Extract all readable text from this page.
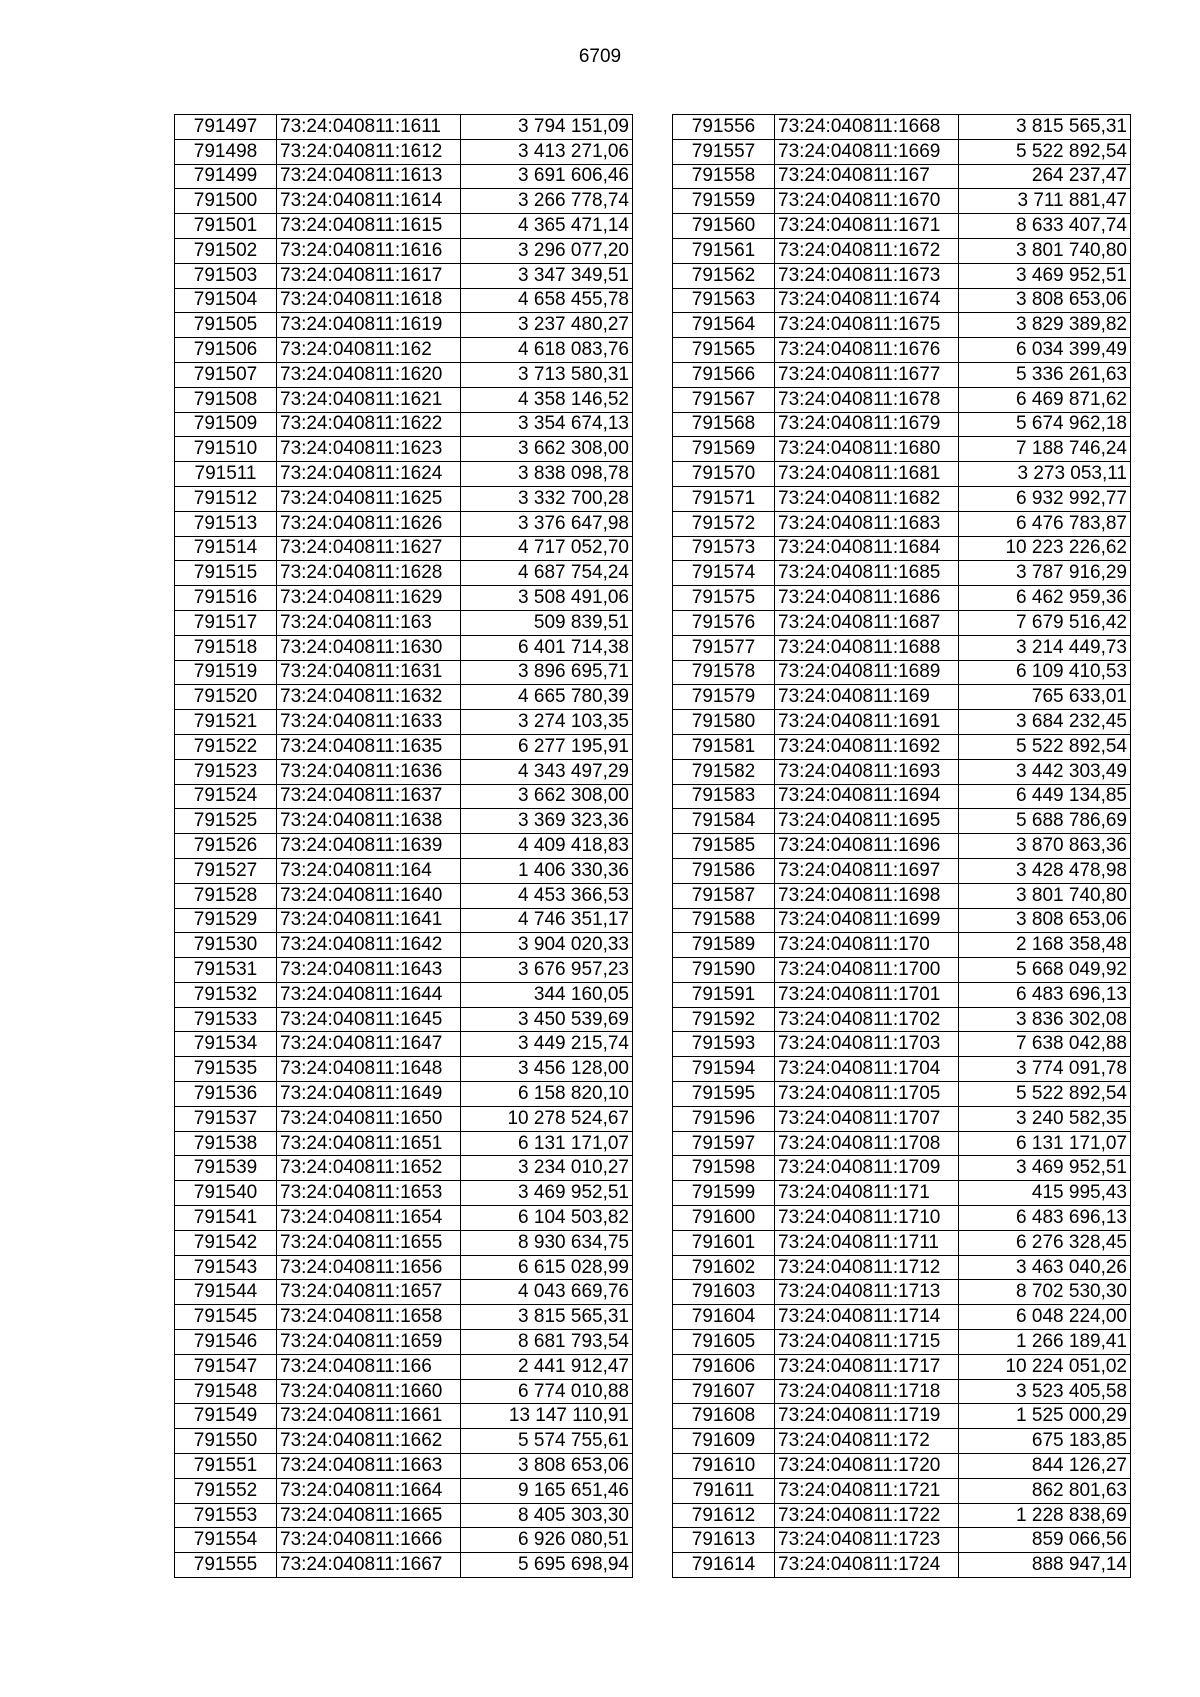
6709
791497	73:24:040811:1611	3 794 151,09
791498	73:24:040811:1612	3 413 271,06
791499	73:24:040811:1613	3 691 606,46
791500	73:24:040811:1614	3 266 778,74
791501	73:24:040811:1615	4 365 471,14
791502	73:24:040811:1616	3 296 077,20
791503	73:24:040811:1617	3 347 349,51
791504	73:24:040811:1618	4 658 455,78
791505	73:24:040811:1619	3 237 480,27
791506	73:24:040811:162	4 618 083,76
791507	73:24:040811:1620	3 713 580,31
791508	73:24:040811:1621	4 358 146,52
791509	73:24:040811:1622	3 354 674,13
791510	73:24:040811:1623	3 662 308,00
791511	73:24:040811:1624	3 838 098,78
791512	73:24:040811:1625	3 332 700,28
791513	73:24:040811:1626	3 376 647,98
791514	73:24:040811:1627	4 717 052,70
791515	73:24:040811:1628	4 687 754,24
791516	73:24:040811:1629	3 508 491,06
791517	73:24:040811:163	509 839,51
791518	73:24:040811:1630	6 401 714,38
791519	73:24:040811:1631	3 896 695,71
791520	73:24:040811:1632	4 665 780,39
791521	73:24:040811:1633	3 274 103,35
791522	73:24:040811:1635	6 277 195,91
791523	73:24:040811:1636	4 343 497,29
791524	73:24:040811:1637	3 662 308,00
791525	73:24:040811:1638	3 369 323,36
791526	73:24:040811:1639	4 409 418,83
791527	73:24:040811:164	1 406 330,36
791528	73:24:040811:1640	4 453 366,53
791529	73:24:040811:1641	4 746 351,17
791530	73:24:040811:1642	3 904 020,33
791531	73:24:040811:1643	3 676 957,23
791532	73:24:040811:1644	344 160,05
791533	73:24:040811:1645	3 450 539,69
791534	73:24:040811:1647	3 449 215,74
791535	73:24:040811:1648	3 456 128,00
791536	73:24:040811:1649	6 158 820,10
791537	73:24:040811:1650	10 278 524,67
791538	73:24:040811:1651	6 131 171,07
791539	73:24:040811:1652	3 234 010,27
791540	73:24:040811:1653	3 469 952,51
791541	73:24:040811:1654	6 104 503,82
791542	73:24:040811:1655	8 930 634,75
791543	73:24:040811:1656	6 615 028,99
791544	73:24:040811:1657	4 043 669,76
791545	73:24:040811:1658	3 815 565,31
791546	73:24:040811:1659	8 681 793,54
791547	73:24:040811:166	2 441 912,47
791548	73:24:040811:1660	6 774 010,88
791549	73:24:040811:1661	13 147 110,91
791550	73:24:040811:1662	5 574 755,61
791551	73:24:040811:1663	3 808 653,06
791552	73:24:040811:1664	9 165 651,46
791553	73:24:040811:1665	8 405 303,30
791554	73:24:040811:1666	6 926 080,51
791555	73:24:040811:1667	5 695 698,94
791556	73:24:040811:1668	3 815 565,31
791557	73:24:040811:1669	5 522 892,54
791558	73:24:040811:167	264 237,47
791559	73:24:040811:1670	3 711 881,47
791560	73:24:040811:1671	8 633 407,74
791561	73:24:040811:1672	3 801 740,80
791562	73:24:040811:1673	3 469 952,51
791563	73:24:040811:1674	3 808 653,06
791564	73:24:040811:1675	3 829 389,82
791565	73:24:040811:1676	6 034 399,49
791566	73:24:040811:1677	5 336 261,63
791567	73:24:040811:1678	6 469 871,62
791568	73:24:040811:1679	5 674 962,18
791569	73:24:040811:1680	7 188 746,24
791570	73:24:040811:1681	3 273 053,11
791571	73:24:040811:1682	6 932 992,77
791572	73:24:040811:1683	6 476 783,87
791573	73:24:040811:1684	10 223 226,62
791574	73:24:040811:1685	3 787 916,29
791575	73:24:040811:1686	6 462 959,36
791576	73:24:040811:1687	7 679 516,42
791577	73:24:040811:1688	3 214 449,73
791578	73:24:040811:1689	6 109 410,53
791579	73:24:040811:169	765 633,01
791580	73:24:040811:1691	3 684 232,45
791581	73:24:040811:1692	5 522 892,54
791582	73:24:040811:1693	3 442 303,49
791583	73:24:040811:1694	6 449 134,85
791584	73:24:040811:1695	5 688 786,69
791585	73:24:040811:1696	3 870 863,36
791586	73:24:040811:1697	3 428 478,98
791587	73:24:040811:1698	3 801 740,80
791588	73:24:040811:1699	3 808 653,06
791589	73:24:040811:170	2 168 358,48
791590	73:24:040811:1700	5 668 049,92
791591	73:24:040811:1701	6 483 696,13
791592	73:24:040811:1702	3 836 302,08
791593	73:24:040811:1703	7 638 042,88
791594	73:24:040811:1704	3 774 091,78
791595	73:24:040811:1705	5 522 892,54
791596	73:24:040811:1707	3 240 582,35
791597	73:24:040811:1708	6 131 171,07
791598	73:24:040811:1709	3 469 952,51
791599	73:24:040811:171	415 995,43
791600	73:24:040811:1710	6 483 696,13
791601	73:24:040811:1711	6 276 328,45
791602	73:24:040811:1712	3 463 040,26
791603	73:24:040811:1713	8 702 530,30
791604	73:24:040811:1714	6 048 224,00
791605	73:24:040811:1715	1 266 189,41
791606	73:24:040811:1717	10 224 051,02
791607	73:24:040811:1718	3 523 405,58
791608	73:24:040811:1719	1 525 000,29
791609	73:24:040811:172	675 183,85
791610	73:24:040811:1720	844 126,27
791611	73:24:040811:1721	862 801,63
791612	73:24:040811:1722	1 228 838,69
791613	73:24:040811:1723	859 066,56
791614	73:24:040811:1724	888 947,14
